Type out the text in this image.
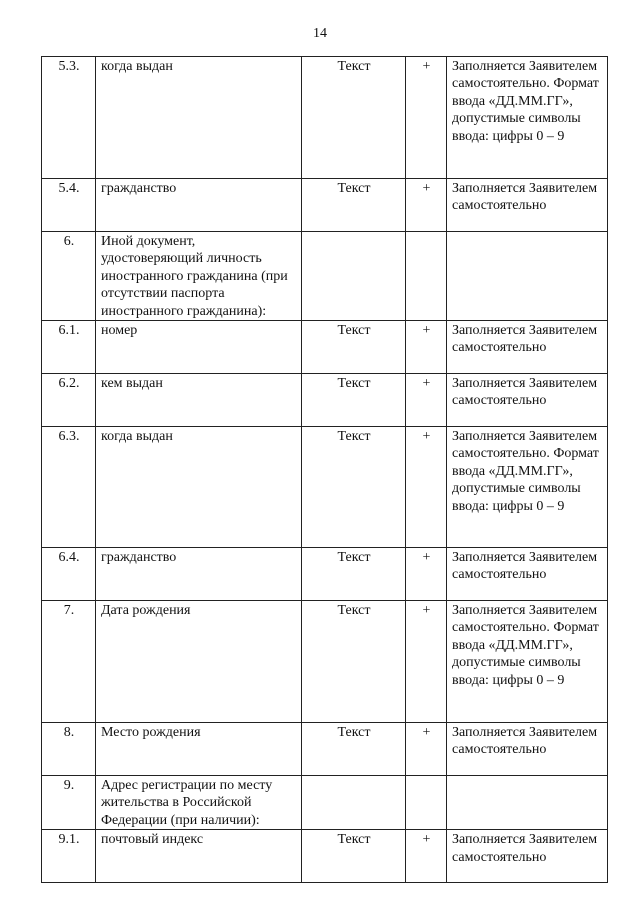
14
5.3.	когда выдан	Текст	+	Заполняется Заявителем самостоятельно. Формат ввода «ДД.ММ.ГГ», допустимые символы ввода: цифры 0 – 9
5.4.	гражданство	Текст	+	Заполняется Заявителем самостоятельно
6.	Иной документ, удостоверяющий личность иностранного гражданина (при отсутствии паспорта иностранного гражданина):			
6.1.	номер	Текст	+	Заполняется Заявителем самостоятельно
6.2.	кем выдан	Текст	+	Заполняется Заявителем самостоятельно
6.3.	когда выдан	Текст	+	Заполняется Заявителем самостоятельно. Формат ввода «ДД.ММ.ГГ», допустимые символы ввода: цифры 0 – 9
6.4.	гражданство	Текст	+	Заполняется Заявителем самостоятельно
7.	Дата рождения	Текст	+	Заполняется Заявителем самостоятельно. Формат ввода «ДД.ММ.ГГ», допустимые символы ввода: цифры 0 – 9
8.	Место рождения	Текст	+	Заполняется Заявителем самостоятельно
9.	Адрес регистрации по месту жительства в Российской Федерации (при наличии):			
9.1.	почтовый индекс	Текст	+	Заполняется Заявителем самостоятельно
